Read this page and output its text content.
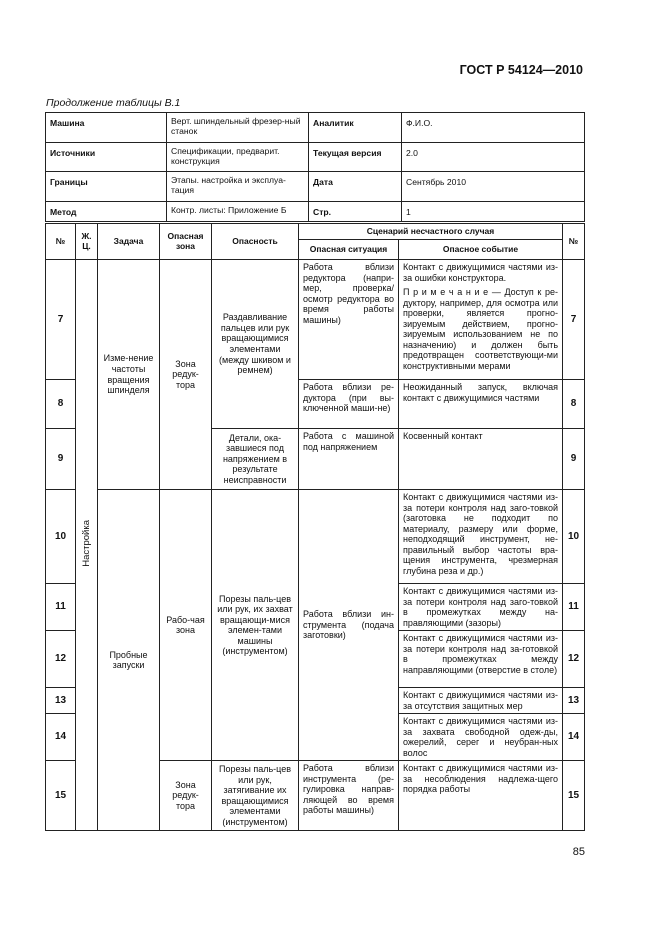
ГОСТ Р 54124—2010
Продолжение таблицы В.1
Машина	Верт. шпиндельный фрезер-ный станок	Аналитик	Ф.И.О.
Источники	Спецификации, предварит. конструкция	Текущая версия	2.0
Границы	Этапы. настройка и эксплуа-тация	Дата	Сентябрь 2010
Метод	Контр. листы: Приложение Б	Стр.	1
№	Ж. Ц.	Задача	Опасная зона	Опасность	Сценарий несчастного случая		№
					Опасная ситуация	Опасное событие	
7	Настройка	Изме-нение частоты вращения шпинделя	Зона редук-тора	Раздавливание пальцев или рук вращающимися элементами (между шкивом и ремнем)	Работа вблизи редуктора (напри-мер, проверка/ осмотр редуктора во время работы машины)	Контакт с движущимися частями из-за ошибки конструктора.
П р и м е ч а н и е — Доступ к ре-дуктору, например, для осмотра или проверки, является прогно-зируемым действием, прогно-зируемым использованием не по назначению) и должен быть предотвращен соответствующи-ми конструктивными мерами	7
8					Работа вблизи ре-дуктора (при вы-ключенной маши-не)	Неожиданный запуск, включая контакт с движущимися частями	8
9				Детали, ока-завшиеся под напряжением в результате неисправности	Работа с машиной под напряжением	Косвенный контакт	9
10		Пробные запуски	Рабо-чая зона	Порезы паль-цев или рук, их захват вращающи-мися элемен-тами машины (инструментом)	Работа вблизи ин-струмента (подача заготовки)	Контакт с движущимися частями из-за потери контроля над заго-товкой (заготовка не подходит по материалу, размеру или форме, неподходящий инструмент, не-правильный выбор частоты вра-щения инструмента, чрезмерная глубина реза и др.)	10
11						Контакт с движущимися частями из-за потери контроля над заго-товкой в промежутках между на-правляющими (зазоры)	11
12						Контакт с движущимися частями из-за потери контроля над за-готовкой в промежутках между направляющими (отверстие в столе)	12
13						Контакт с движущимися частями из-за отсутствия защитных мер	13
14						Контакт с движущимися частями из-за захвата свободной одеж-ды, ожерелий, серег и неубран-ных волос	14
15			Зона редук-тора	Порезы паль-цев или рук, затягивание их вращающимися элементами (инструментом)	Работа вблизи инструмента (ре-гулировка направ-ляющей во время работы машины)	Контакт с движущимися частями из-за несоблюдения надлежа-щего порядка работы	15
85
